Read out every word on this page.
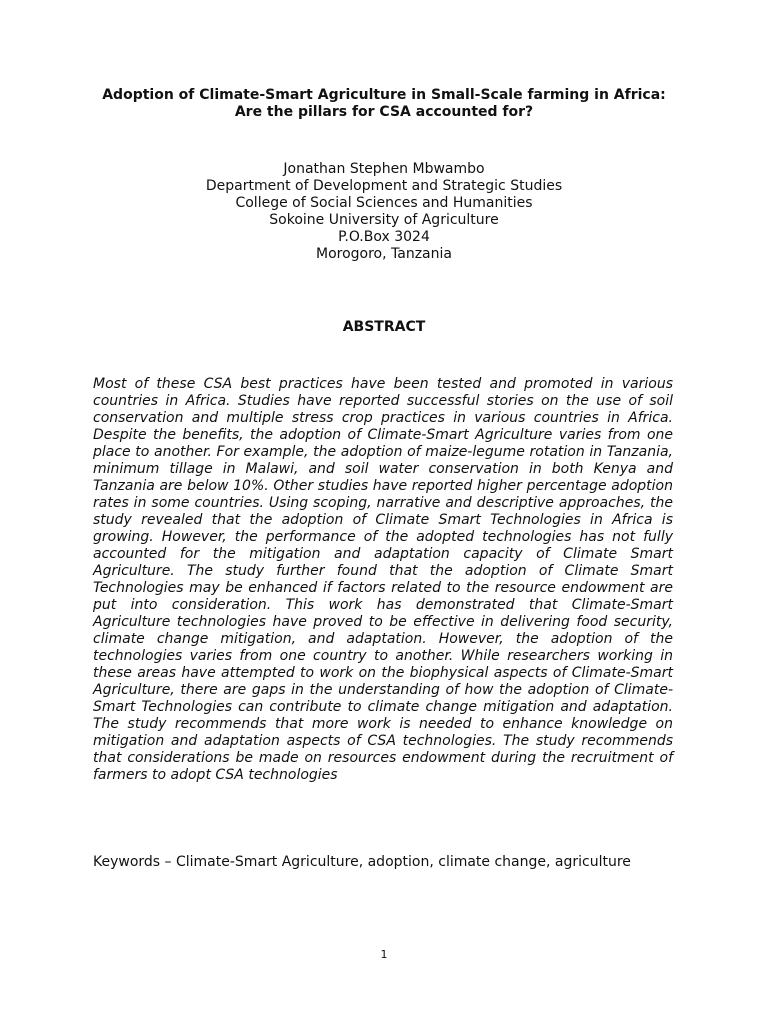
Adoption of Climate-Smart Agriculture in Small-Scale farming in Africa: Are the pillars for CSA accounted for?
Jonathan Stephen Mbwambo
Department of Development and Strategic Studies
College of Social Sciences and Humanities
Sokoine University of Agriculture
P.O.Box 3024
Morogoro, Tanzania
ABSTRACT

Most of these CSA best practices have been tested and promoted in various countries in Africa. Studies have reported successful stories on the use of soil conservation and multiple stress crop practices in various countries in Africa. Despite the benefits, the adoption of Climate-Smart Agriculture varies from one place to another. For example, the adoption of maize-legume rotation in Tanzania, minimum tillage in Malawi, and soil water conservation in both Kenya and Tanzania are below 10%. Other studies have reported higher percentage adoption rates in some countries. Using scoping, narrative and descriptive approaches, the study revealed that the adoption of Climate Smart Technologies in Africa is growing. However, the performance of the adopted technologies has not fully accounted for the mitigation and adaptation capacity of Climate Smart Agriculture. The study further found that the adoption of Climate Smart Technologies may be enhanced if factors related to the resource endowment are put into consideration. This work has demonstrated that Climate-Smart Agriculture technologies have proved to be effective in delivering food security, climate change mitigation, and adaptation. However, the adoption of the technologies varies from one country to another. While researchers working in these areas have attempted to work on the biophysical aspects of Climate-Smart Agriculture, there are gaps in the understanding of how the adoption of Climate-Smart Technologies can contribute to climate change mitigation and adaptation. The study recommends that more work is needed to enhance knowledge on mitigation and adaptation aspects of CSA technologies. The study recommends that considerations be made on resources endowment during the recruitment of farmers to adopt CSA technologies

Keywords – Climate-Smart Agriculture, adoption, climate change, agriculture

1
